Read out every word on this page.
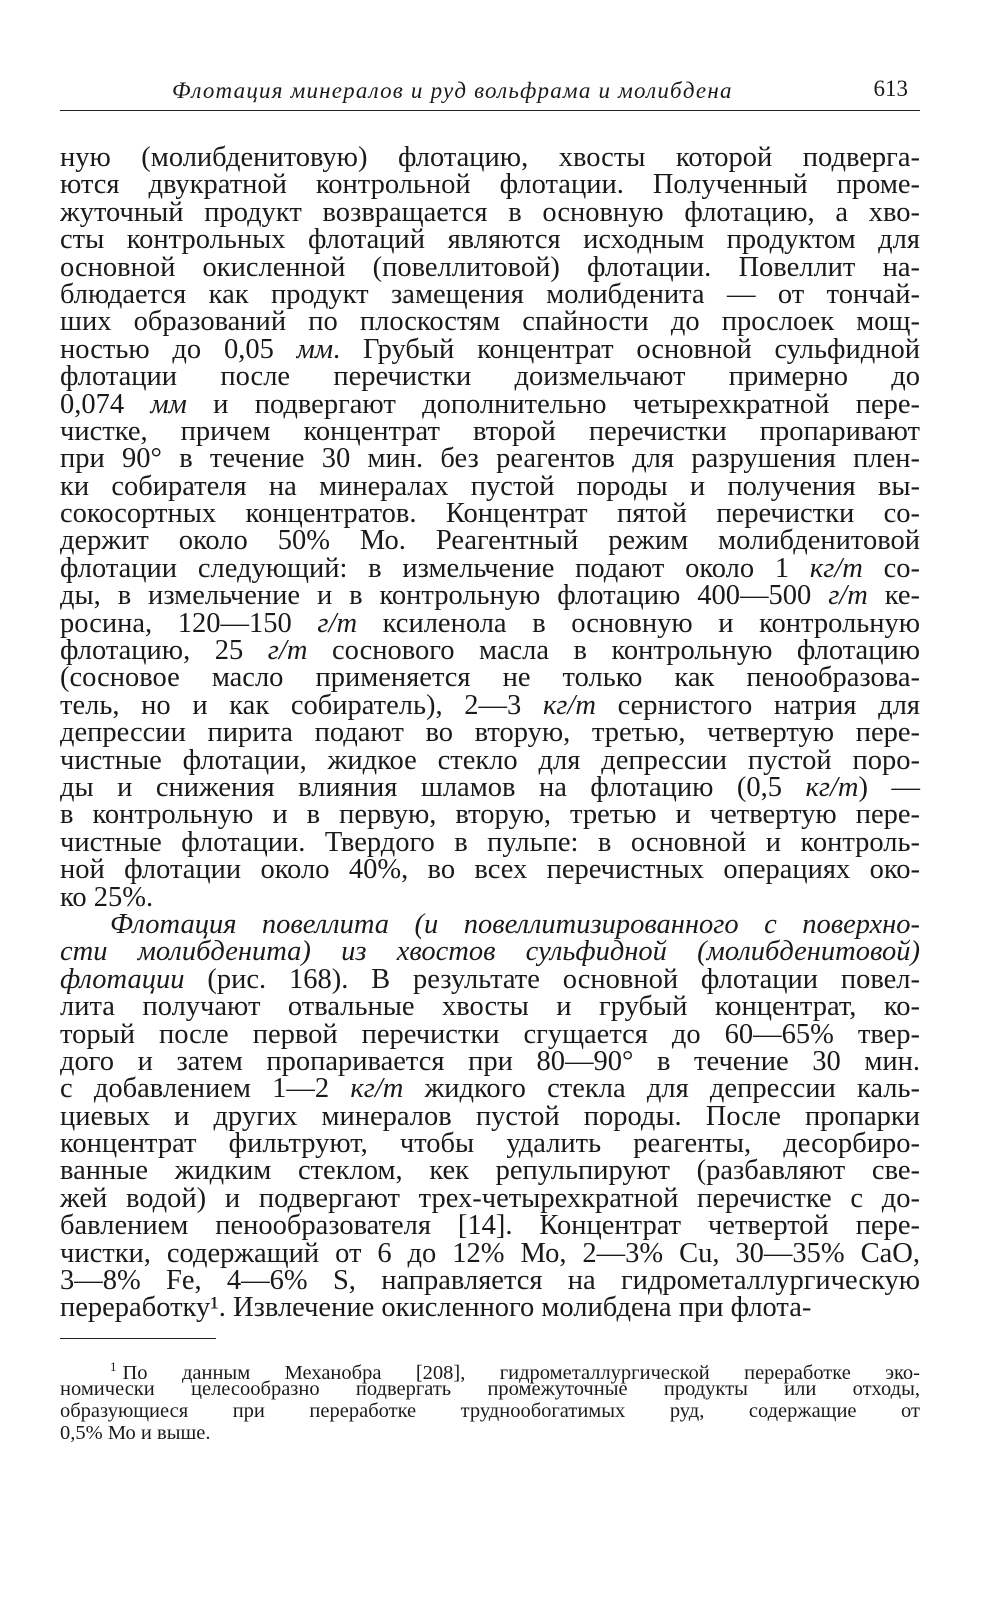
Флотация минералов и руд вольфрама и молибдена	613
ную (молибденитовую) флотацию, хвосты которой подверга-
ются двукратной контрольной флотации. Полученный проме-
жуточный продукт возвращается в основную флотацию, а хво-
сты контрольных флотаций являются исходным продуктом для
основной окисленной (повеллитовой) флотации. Повеллит на-
блюдается как продукт замещения молибденита — от тончай-
ших образований по плоскостям спайности до прослоек мощ-
ностью до 0,05 мм. Грубый концентрат основной сульфидной
флотации после перечистки доизмельчают примерно до
0,074 мм и подвергают дополнительно четырехкратной пере-
чистке, причем концентрат второй перечистки пропаривают
при 90° в течение 30 мин. без реагентов для разрушения плен-
ки собирателя на минералах пустой породы и получения вы-
сокосортных концентратов. Концентрат пятой перечистки со-
держит около 50% Мо. Реагентный режим молибденитовой
флотации следующий: в измельчение подают около 1 кг/т со-
ды, в измельчение и в контрольную флотацию 400—500 г/т ке-
росина, 120—150 г/т ксиленола в основную и контрольную
флотацию, 25 г/т соснового масла в контрольную флотацию
(сосновое масло применяется не только как пенообразова-
тель, но и как собиратель), 2—3 кг/т сернистого натрия для
депрессии пирита подают во вторую, третью, четвертую пере-
чистные флотации, жидкое стекло для депрессии пустой поро-
ды и снижения влияния шламов на флотацию (0,5 кг/т) —
в контрольную и в первую, вторую, третью и четвертую пере-
чистные флотации. Твердого в пульпе: в основной и контроль-
ной флотации около 40%, во всех перечистных операциях око-
ко 25%.
Флотация повеллита (и повеллитизированного с поверхно-
сти молибденита) из хвостов сульфидной (молибденитовой)
флотации (рис. 168). В результате основной флотации повел-
лита получают отвальные хвосты и грубый концентрат, ко-
торый после первой перечистки сгущается до 60—65% твер-
дого и затем пропаривается при 80—90° в течение 30 мин.
с добавлением 1—2 кг/т жидкого стекла для депрессии каль-
циевых и других минералов пустой породы. После пропарки
концентрат фильтруют, чтобы удалить реагенты, десорбиро-
ванные жидким стеклом, кек репульпируют (разбавляют све-
жей водой) и подвергают трех-четырехкратной перечистке с до-
бавлением пенообразователя [14]. Концентрат четвертой пере-
чистки, содержащий от 6 до 12% Мо, 2—3% Cu, 30—35% CaO,
3—8% Fe, 4—6% S, направляется на гидрометаллургическую
переработку¹. Извлечение окисленного молибдена при флота-
$^1$ По данным Механобра [208], гидрометаллургической переработке эко-
номически целесообразно подвергать промежуточные продукты или отходы,
образующиеся при переработке труднообогатимых руд, содержащие от
0,5% Мо и выше.
